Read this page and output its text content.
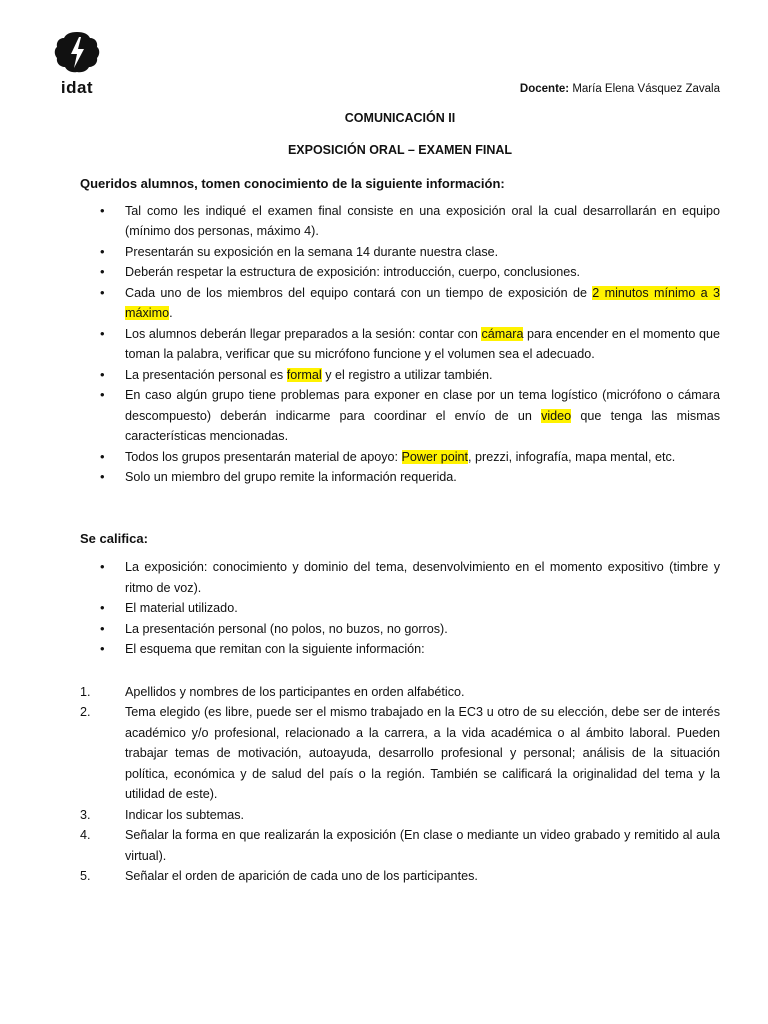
idat	Docente: María Elena Vásquez Zavala
COMUNICACIÓN II
EXPOSICIÓN ORAL – EXAMEN FINAL

Queridos alumnos, tomen conocimiento de la siguiente información:

• Tal como les indiqué el examen final consiste en una exposición oral la cual desarrollarán en equipo (mínimo dos personas, máximo 4).
• Presentarán su exposición en la semana 14 durante nuestra clase.
• Deberán respetar la estructura de exposición: introducción, cuerpo, conclusiones.
• Cada uno de los miembros del equipo contará con un tiempo de exposición de 2 minutos mínimo a 3 máximo.
• Los alumnos deberán llegar preparados a la sesión: contar con cámara para encender en el momento que toman la palabra, verificar que su micrófono funcione y el volumen sea el adecuado.
• La presentación personal es formal y el registro a utilizar también.
• En caso algún grupo tiene problemas para exponer en clase por un tema logístico (micrófono o cámara descompuesto) deberán indicarme para coordinar el envío de un video que tenga las mismas características mencionadas.
• Todos los grupos presentarán material de apoyo: Power point, prezzi, infografía, mapa mental, etc.
• Solo un miembro del grupo remite la información requerida.

Se califica:

• La exposición: conocimiento y dominio del tema, desenvolvimiento en el momento expositivo (timbre y ritmo de voz).
• El material utilizado.
• La presentación personal (no polos, no buzos, no gorros).
• El esquema que remitan con la siguiente información:
1.	Apellidos y nombres de los participantes en orden alfabético.
2.	Tema elegido (es libre, puede ser el mismo trabajado en la EC3 u otro de su elección, debe ser de interés académico y/o profesional, relacionado a la carrera, a la vida académica o al ámbito laboral. Pueden trabajar temas de motivación, autoayuda, desarrollo profesional y personal; análisis de la situación política, económica y de salud del país o la región. También se calificará la originalidad del tema y la utilidad de este).
3.	Indicar los subtemas.
4.	Señalar la forma en que realizarán la exposición (En clase o mediante un video grabado y remitido al aula virtual).
5.	Señalar el orden de aparición de cada uno de los participantes.
